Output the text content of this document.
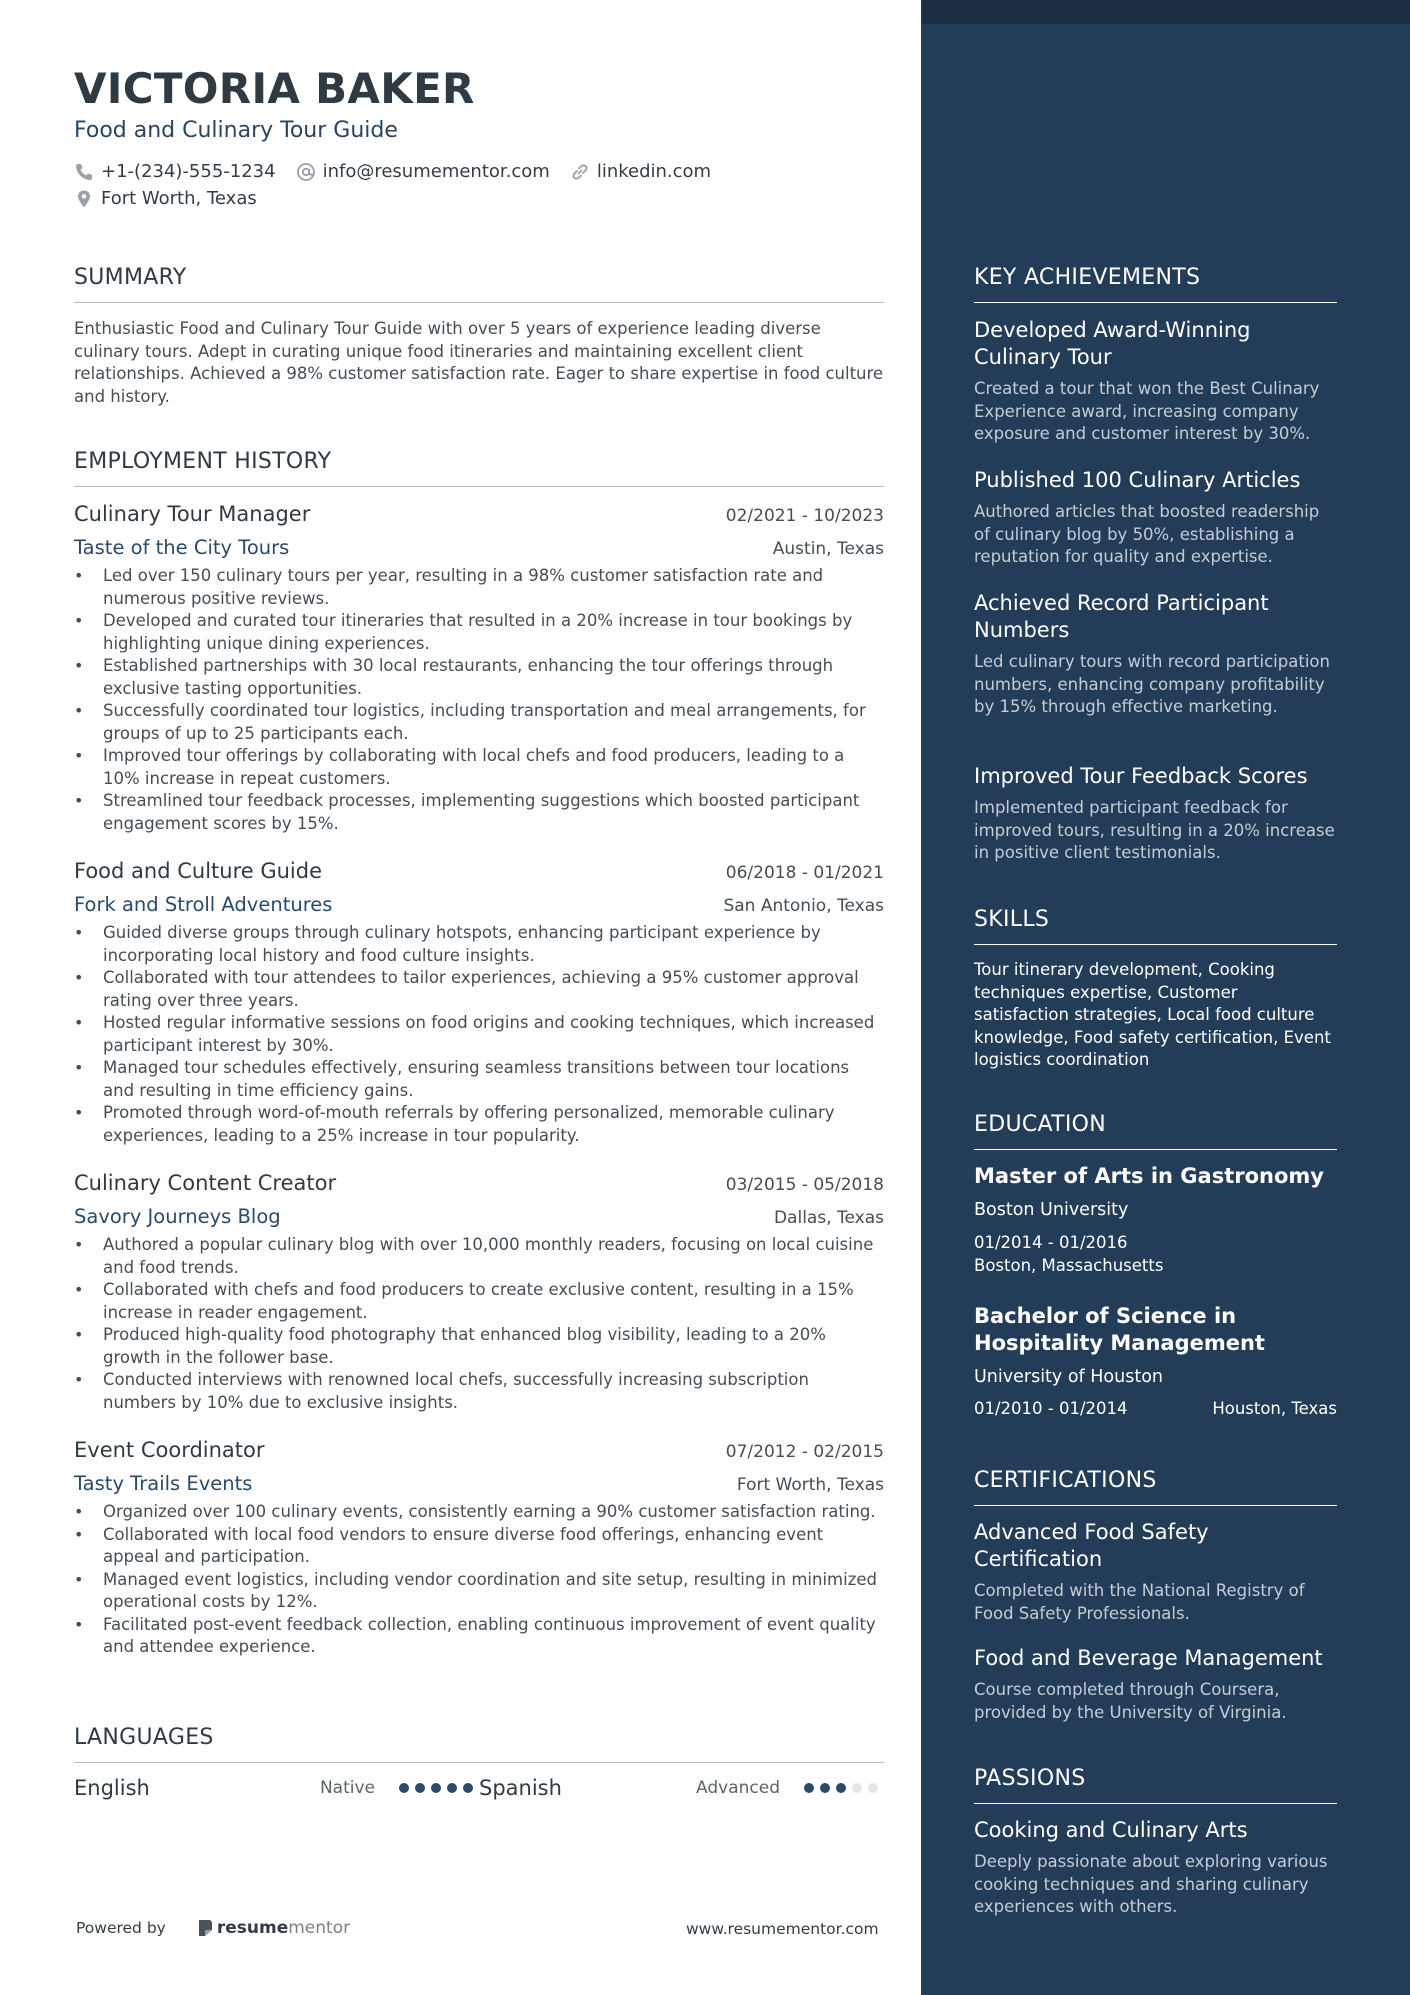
VICTORIA BAKER
Food and Culinary Tour Guide
+1-(234)-555-1234	info@resumementor.com	linkedin.com
Fort Worth, Texas
SUMMARY
Enthusiastic Food and Culinary Tour Guide with over 5 years of experience leading diverse culinary tours. Adept in curating unique food itineraries and maintaining excellent client relationships. Achieved a 98% customer satisfaction rate. Eager to share expertise in food culture and history.
EMPLOYMENT HISTORY
Culinary Tour Manager	02/2021 - 10/2023
Taste of the City Tours	Austin, Texas
• Led over 150 culinary tours per year, resulting in a 98% customer satisfaction rate and numerous positive reviews.
• Developed and curated tour itineraries that resulted in a 20% increase in tour bookings by highlighting unique dining experiences.
• Established partnerships with 30 local restaurants, enhancing the tour offerings through exclusive tasting opportunities.
• Successfully coordinated tour logistics, including transportation and meal arrangements, for groups of up to 25 participants each.
• Improved tour offerings by collaborating with local chefs and food producers, leading to a 10% increase in repeat customers.
• Streamlined tour feedback processes, implementing suggestions which boosted participant engagement scores by 15%.
Food and Culture Guide	06/2018 - 01/2021
Fork and Stroll Adventures	San Antonio, Texas
• Guided diverse groups through culinary hotspots, enhancing participant experience by incorporating local history and food culture insights.
• Collaborated with tour attendees to tailor experiences, achieving a 95% customer approval rating over three years.
• Hosted regular informative sessions on food origins and cooking techniques, which increased participant interest by 30%.
• Managed tour schedules effectively, ensuring seamless transitions between tour locations and resulting in time efficiency gains.
• Promoted through word-of-mouth referrals by offering personalized, memorable culinary experiences, leading to a 25% increase in tour popularity.
Culinary Content Creator	03/2015 - 05/2018
Savory Journeys Blog	Dallas, Texas
• Authored a popular culinary blog with over 10,000 monthly readers, focusing on local cuisine and food trends.
• Collaborated with chefs and food producers to create exclusive content, resulting in a 15% increase in reader engagement.
• Produced high-quality food photography that enhanced blog visibility, leading to a 20% growth in the follower base.
• Conducted interviews with renowned local chefs, successfully increasing subscription numbers by 10% due to exclusive insights.
Event Coordinator	07/2012 - 02/2015
Tasty Trails Events	Fort Worth, Texas
• Organized over 100 culinary events, consistently earning a 90% customer satisfaction rating.
• Collaborated with local food vendors to ensure diverse food offerings, enhancing event appeal and participation.
• Managed event logistics, including vendor coordination and site setup, resulting in minimized operational costs by 12%.
• Facilitated post-event feedback collection, enabling continuous improvement of event quality and attendee experience.
LANGUAGES
English	Native	Spanish	Advanced
Powered by	resume mentor	www.resumementor.com
KEY ACHIEVEMENTS
Developed Award-Winning Culinary Tour
Created a tour that won the Best Culinary Experience award, increasing company exposure and customer interest by 30%.
Published 100 Culinary Articles
Authored articles that boosted readership of culinary blog by 50%, establishing a reputation for quality and expertise.
Achieved Record Participant Numbers
Led culinary tours with record participation numbers, enhancing company profitability by 15% through effective marketing.
Improved Tour Feedback Scores
Implemented participant feedback for improved tours, resulting in a 20% increase in positive client testimonials.
SKILLS
Tour itinerary development, Cooking techniques expertise, Customer satisfaction strategies, Local food culture knowledge, Food safety certification, Event logistics coordination
EDUCATION
Master of Arts in Gastronomy
Boston University
01/2014 - 01/2016
Boston, Massachusetts
Bachelor of Science in Hospitality Management
University of Houston
01/2010 - 01/2014	Houston, Texas
CERTIFICATIONS
Advanced Food Safety Certification
Completed with the National Registry of Food Safety Professionals.
Food and Beverage Management
Course completed through Coursera, provided by the University of Virginia.
PASSIONS
Cooking and Culinary Arts
Deeply passionate about exploring various cooking techniques and sharing culinary experiences with others.
